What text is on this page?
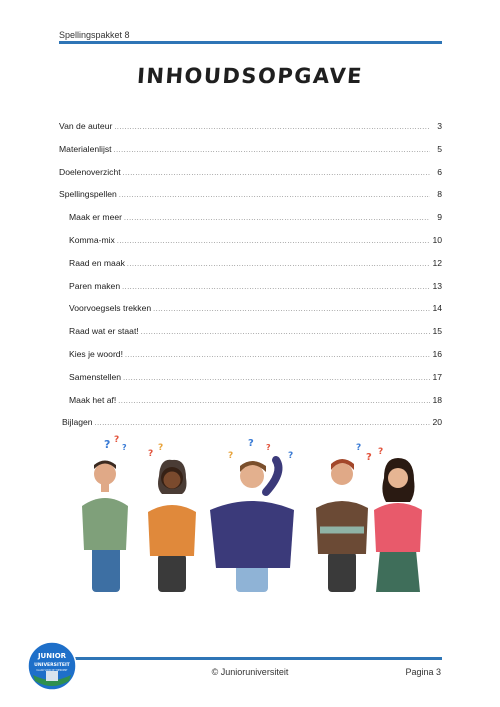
Spellingspakket 8
INHOUDSOPGAVE
Van de auteur .....	3
Materialenlijst .....	5
Doelenoverzicht .....	6
Spellingspellen .....	8
Maak er meer .....	9
Komma-mix .....	10
Raad en maak .....	12
Paren maken .....	13
Voorvoegsels trekken .....	14
Raad wat er staat! .....	15
Kies je woord! .....	16
Samenstellen .....	17
Maak het af! .....	18
Bijlagen .....	20
? ?
?
?
?
?
? ?
?
?
? ?
JUNIOR
UNIVERSITEIT
KLAAR VOOR DE TOEKOMST	© Junioruniversiteit	Pagina 3
